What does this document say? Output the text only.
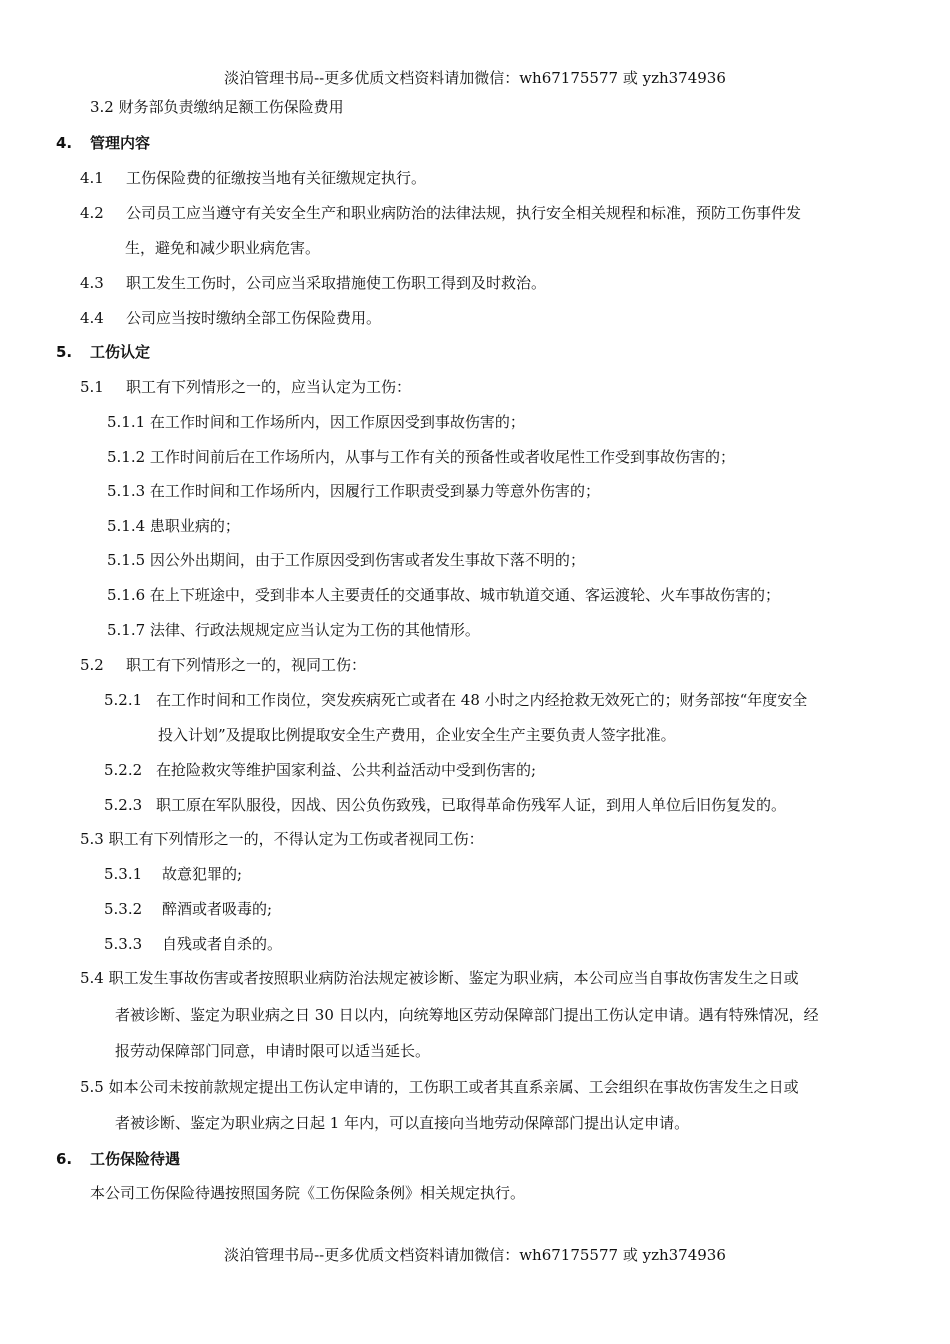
淡泊管理书局--更多优质文档资料请加微信：wh67175577 或 yzh374936
3.2 财务部负责缴纳足额工伤保险费用
4. 管理内容
4.1 工伤保险费的征缴按当地有关征缴规定执行。
4.2 公司员工应当遵守有关安全生产和职业病防治的法律法规，执行安全相关规程和标准，预防工伤事件发
生，避免和减少职业病危害。
4.3 职工发生工伤时，公司应当采取措施使工伤职工得到及时救治。
4.4 公司应当按时缴纳全部工伤保险费用。
5. 工伤认定
5.1 职工有下列情形之一的，应当认定为工伤：
5.1.1 在工作时间和工作场所内，因工作原因受到事故伤害的；
5.1.2 工作时间前后在工作场所内，从事与工作有关的预备性或者收尾性工作受到事故伤害的；
5.1.3 在工作时间和工作场所内，因履行工作职责受到暴力等意外伤害的；
5.1.4 患职业病的；
5.1.5 因公外出期间，由于工作原因受到伤害或者发生事故下落不明的；
5.1.6 在上下班途中，受到非本人主要责任的交通事故、城市轨道交通、客运渡轮、火车事故伤害的；
5.1.7 法律、行政法规规定应当认定为工伤的其他情形。
5.2 职工有下列情形之一的，视同工伤：
5.2.1 在工作时间和工作岗位，突发疾病死亡或者在 48 小时之内经抢救无效死亡的；财务部按“年度安全
投入计划”及提取比例提取安全生产费用，企业安全生产主要负责人签字批准。
5.2.2 在抢险救灾等维护国家利益、公共利益活动中受到伤害的;
5.2.3 职工原在军队服役，因战、因公负伤致残，已取得革命伤残军人证，到用人单位后旧伤复发的。
5.3 职工有下列情形之一的，不得认定为工伤或者视同工伤：
5.3.1 故意犯罪的;
5.3.2 醉酒或者吸毒的;
5.3.3 自残或者自杀的。
5.4 职工发生事故伤害或者按照职业病防治法规定被诊断、鉴定为职业病，本公司应当自事故伤害发生之日或
者被诊断、鉴定为职业病之日 30 日以内，向统筹地区劳动保障部门提出工伤认定申请。遇有特殊情况，经
报劳动保障部门同意，申请时限可以适当延长。
5.5 如本公司未按前款规定提出工伤认定申请的，工伤职工或者其直系亲属、工会组织在事故伤害发生之日或
者被诊断、鉴定为职业病之日起 1 年内，可以直接向当地劳动保障部门提出认定申请。
6. 工伤保险待遇
本公司工伤保险待遇按照国务院《工伤保险条例》相关规定执行。
淡泊管理书局--更多优质文档资料请加微信：wh67175577 或 yzh374936
